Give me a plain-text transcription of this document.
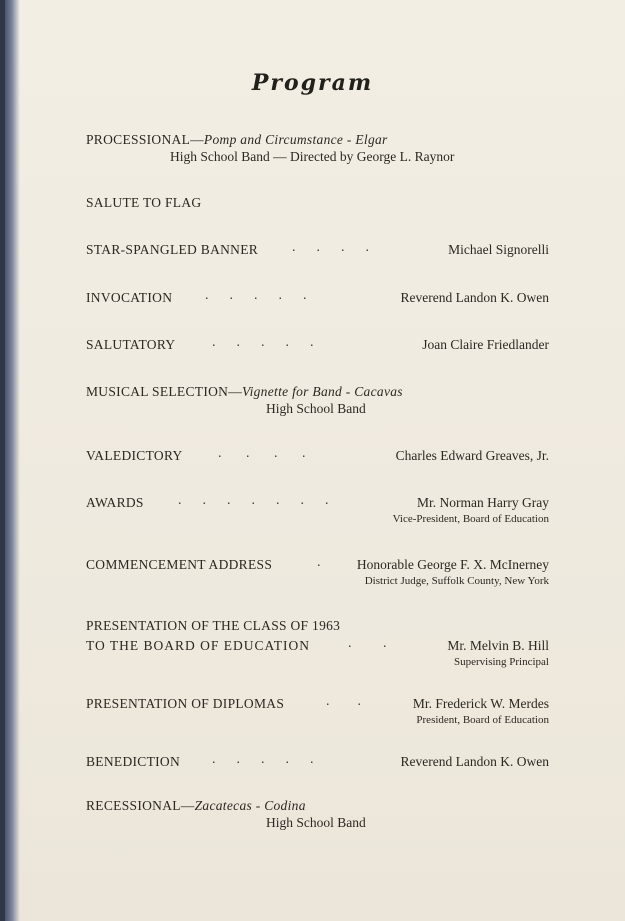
Program
PROCESSIONAL—Pomp and Circumstance - Elgar
High School Band — Directed by George L. Raynor
SALUTE TO FLAG
STAR-SPANGLED BANNER .      .      .      .	Michael Signorelli
INVOCATION .      .      .      .      .	Reverend Landon K. Owen
SALUTATORY	.      .      .      .      .	Joan Claire Friedlander
MUSICAL SELECTION—Vignette for Band - Cacavas
High School Band
VALEDICTORY	.       .       .       .	Charles Edward Greaves, Jr.
AWARDS .      .      .      .      .      .      .	Mr. Norman Harry Gray
Vice-President, Board of Education
COMMENCEMENT ADDRESS	.	Honorable George F. X. McInerney
District Judge, Suffolk County, New York
PRESENTATION OF THE CLASS OF 1963
TO THE BOARD OF EDUCATION	.         .	Mr. Melvin B. Hill
Supervising Principal
PRESENTATION OF DIPLOMAS	.        .	Mr. Frederick W. Merdes
President, Board of Education
BENEDICTION .      .      .      .      .	Reverend Landon K. Owen
RECESSIONAL—Zacatecas - Codina
High School Band
